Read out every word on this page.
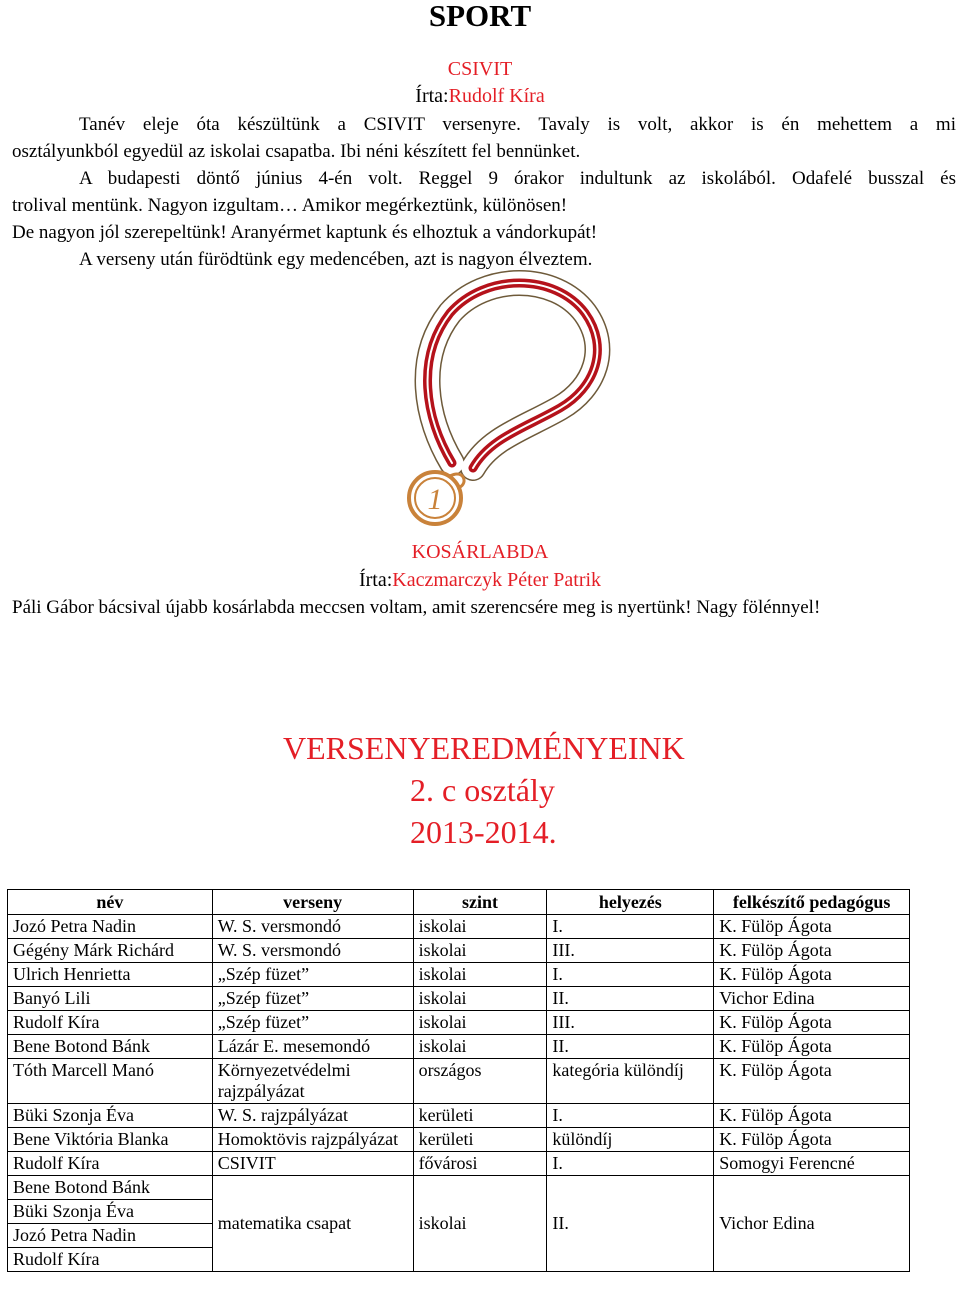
SPORT
CSIVIT
Írta:Rudolf Kíra
Tanév eleje óta készültünk a CSIVIT versenyre. Tavaly is volt, akkor is én mehettem a mi
osztályunkból egyedül az iskolai csapatba. Ibi néni készített fel bennünket.
A budapesti döntő június 4-én volt. Reggel 9 órakor indultunk az iskolából. Odafelé busszal és
trolival mentünk. Nagyon izgultam… Amikor megérkeztünk, különösen!
De nagyon jól szerepeltünk! Aranyérmet kaptunk és elhoztuk a vándorkupát!
A verseny után fürödtünk egy medencében, azt is nagyon élveztem.
1
KOSÁRLABDA
Írta:Kaczmarczyk Péter Patrik
Páli Gábor bácsival újabb kosárlabda meccsen voltam, amit szerencsére meg is nyertünk! Nagy fölénnyel!
VERSENYEREDMÉNYEINK
2. c osztály
2013-2014.
név	verseny	szint	helyezés	felkészítő pedagógus
Jozó Petra Nadin	W. S. versmondó	iskolai	I.	K. Fülöp Ágota
Gégény Márk Richárd	W. S. versmondó	iskolai	III.	K. Fülöp Ágota
Ulrich Henrietta	„Szép füzet”	iskolai	I.	K. Fülöp Ágota
Banyó Lili	„Szép füzet”	iskolai	II.	Vichor Edina
Rudolf Kíra	„Szép füzet”	iskolai	III.	K. Fülöp Ágota
Bene Botond Bánk	Lázár E. mesemondó	iskolai	II.	K. Fülöp Ágota
Tóth Marcell Manó	Környezetvédelmi rajzpályázat	országos	kategória különdíj	K. Fülöp Ágota
Büki Szonja Éva	W. S. rajzpályázat	kerületi	I.	K. Fülöp Ágota
Bene Viktória Blanka	Homoktövis rajzpályázat	kerületi	különdíj	K. Fülöp Ágota
Rudolf Kíra	CSIVIT	fővárosi	I.	Somogyi Ferencné
Bene Botond Bánk	matematika csapat	iskolai	II.	Vichor Edina
Büki Szonja Éva				
Jozó Petra Nadin				
Rudolf Kíra				
